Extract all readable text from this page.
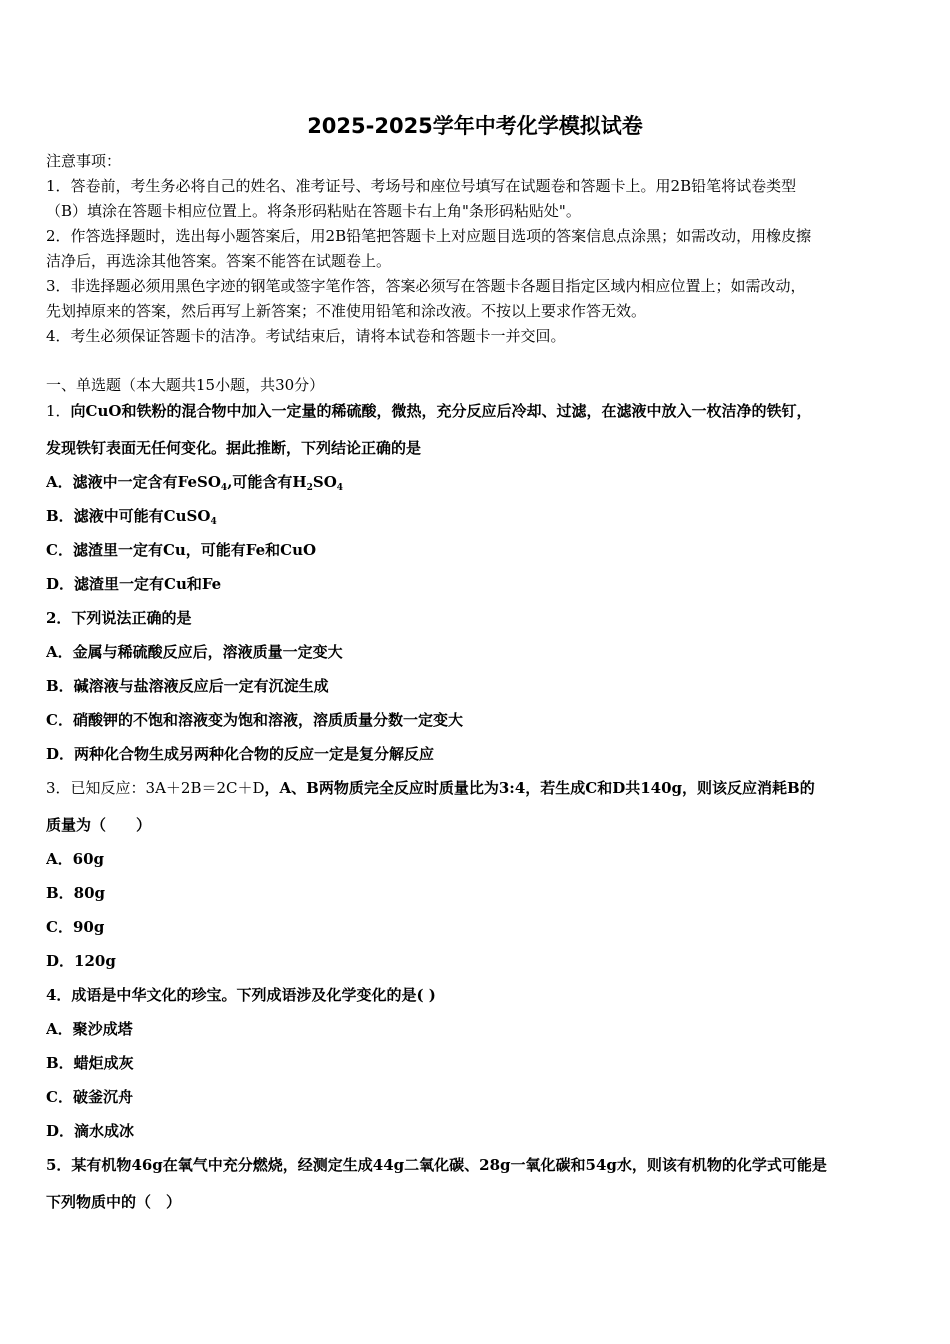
2025-2025学年中考化学模拟试卷
注意事项：
1．答卷前，考生务必将自己的姓名、准考证号、考场号和座位号填写在试题卷和答题卡上。用2B铅笔将试卷类型
（B）填涂在答题卡相应位置上。将条形码粘贴在答题卡右上角"条形码粘贴处"。
2．作答选择题时，选出每小题答案后，用2B铅笔把答题卡上对应题目选项的答案信息点涂黑；如需改动，用橡皮擦
洁净后，再选涂其他答案。答案不能答在试题卷上。
3．非选择题必须用黑色字迹的钢笔或签字笔作答，答案必须写在答题卡各题目指定区域内相应位置上；如需改动，
先划掉原来的答案，然后再写上新答案；不准使用铅笔和涂改液。不按以上要求作答无效。
4．考生必须保证答题卡的洁净。考试结束后，请将本试卷和答题卡一并交回。
一、单选题（本大题共15小题，共30分）
1．向CuO和铁粉的混合物中加入一定量的稀硫酸，微热，充分反应后冷却、过滤，在滤液中放入一枚洁净的铁钉，
发现铁钉表面无任何变化。据此推断，下列结论正确的是
A．滤液中一定含有FeSO$_4$,可能含有$H_2SO_4$
B．滤液中可能有CuSO$_4$
C．滤渣里一定有Cu，可能有Fe和CuO
D．滤渣里一定有Cu和Fe
2．下列说法正确的是
A．金属与稀硫酸反应后，溶液质量一定变大
B．碱溶液与盐溶液反应后一定有沉淀生成
C．硝酸钾的不饱和溶液变为饱和溶液，溶质质量分数一定变大
D．两种化合物生成另两种化合物的反应一定是复分解反应
3．已知反应：3A＋2B＝2C＋D，A、B两物质完全反应时质量比为3:4，若生成C和D共140g，则该反应消耗B的
质量为（　　）
A．60g
B．80g
C．90g
D．120g
4．成语是中华文化的珍宝。下列成语涉及化学变化的是( )
A．聚沙成塔
B．蜡炬成灰
C．破釜沉舟
D．滴水成冰
5．某有机物46g在氧气中充分燃烧，经测定生成44g二氧化碳、28g一氧化碳和54g水，则该有机物的化学式可能是
下列物质中的（　）
